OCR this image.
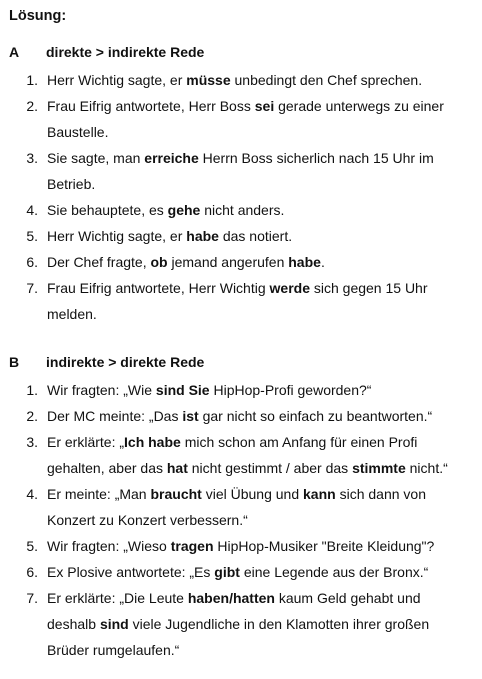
Lösung:
A	direkte > indirekte Rede
1. Herr Wichtig sagte, er müsse unbedingt den Chef sprechen.
2. Frau Eifrig antwortete, Herr Boss sei gerade unterwegs zu einer Baustelle.
3. Sie sagte, man erreiche Herrn Boss sicherlich nach 15 Uhr im Betrieb.
4. Sie behauptete, es gehe nicht anders.
5. Herr Wichtig sagte, er habe das notiert.
6. Der Chef fragte, ob jemand angerufen habe.
7. Frau Eifrig antwortete, Herr Wichtig werde sich gegen 15 Uhr melden.
B	indirekte > direkte Rede
1. Wir fragten: „Wie sind Sie HipHop-Profi geworden?“
2. Der MC meinte: „Das ist gar nicht so einfach zu beantworten.“
3. Er erklärte: „Ich habe mich schon am Anfang für einen Profi gehalten, aber das hat nicht gestimmt / aber das stimmte nicht.“
4. Er meinte: „Man braucht viel Übung und kann sich dann von Konzert zu Konzert verbessern.“
5. Wir fragten: „Wieso tragen HipHop-Musiker "Breite Kleidung"?
6. Ex Plosive antwortete: „Es gibt eine Legende aus der Bronx.“
7. Er erklärte: „Die Leute haben/hatten kaum Geld gehabt und deshalb sind viele Jugendliche in den Klamotten ihrer großen Brüder rumgelaufen.“
